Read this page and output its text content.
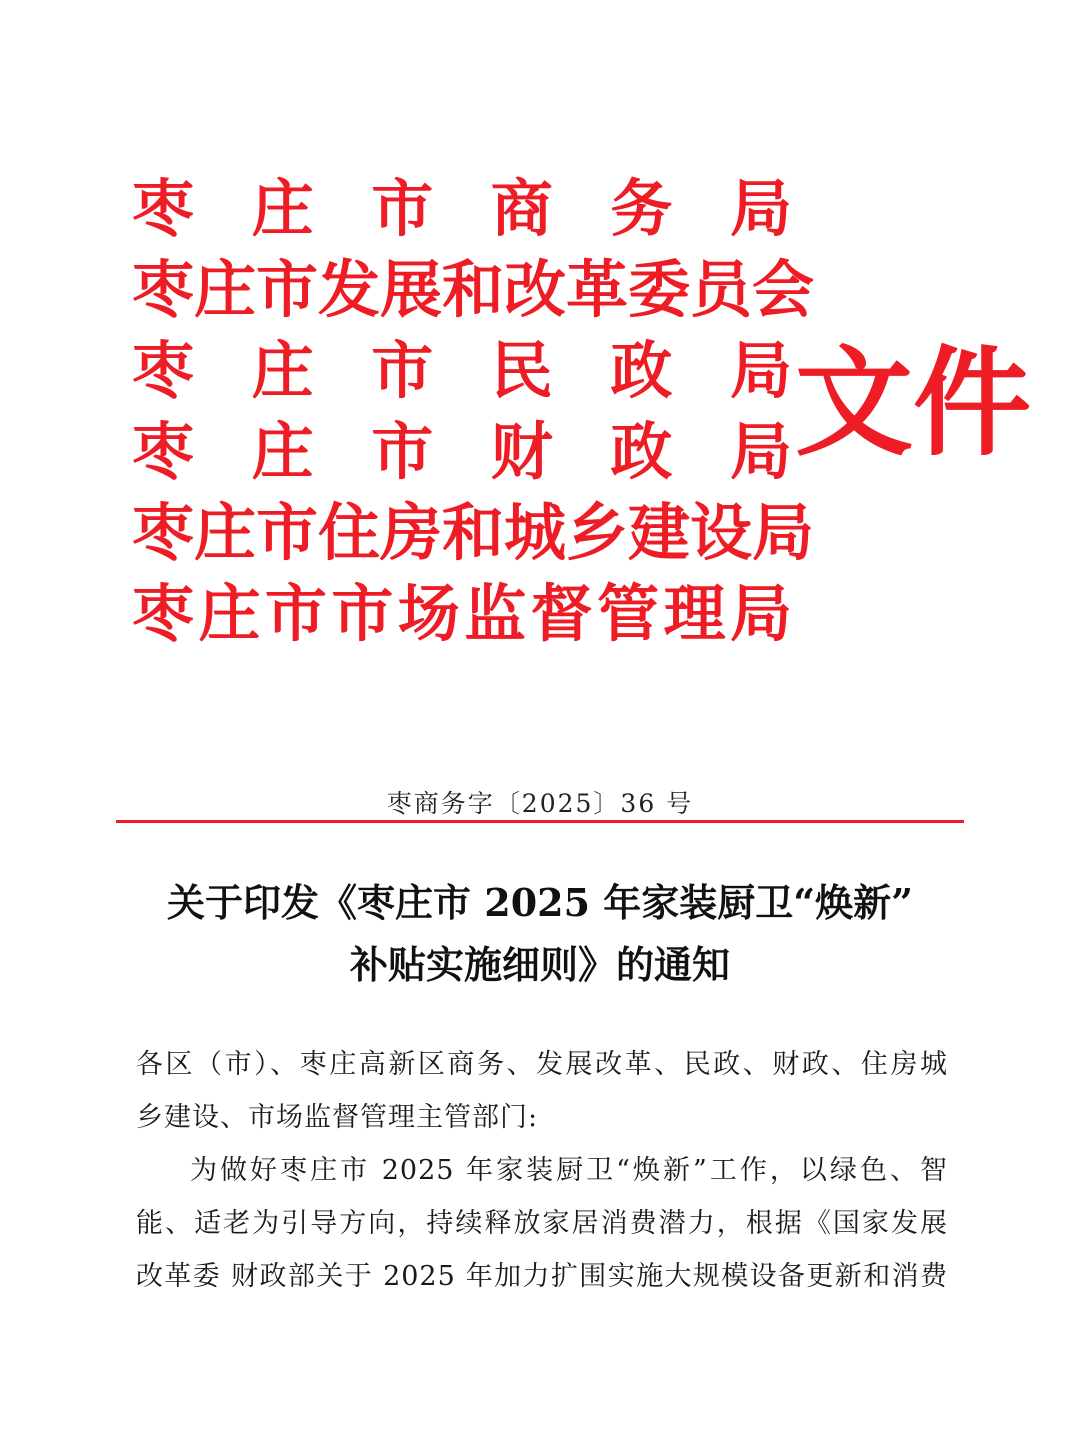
枣 庄 市 商 务 局
枣 庄 市 发 展 和 改 革 委 员 会
枣 庄 市 民 政 局
枣 庄 市 财 政 局
枣 庄 市 住 房 和 城 乡 建 设 局
枣 庄 市 市 场 监 督 管 理 局
文件
枣商务字〔2025〕36 号
关于印发《枣庄市 2025 年家装厨卫“焕新”
补贴实施细则》的通知
各区（市）、枣庄高新区商务、发展改革、民政、财政、住房城
乡建设、市场监督管理主管部门:
为做好枣庄市 2025 年家装厨卫“焕新”工作，以绿色、智
能、适老为引导方向，持续释放家居消费潜力，根据《国家发展
改革委 财政部关于 2025 年加力扩围实施大规模设备更新和消费
